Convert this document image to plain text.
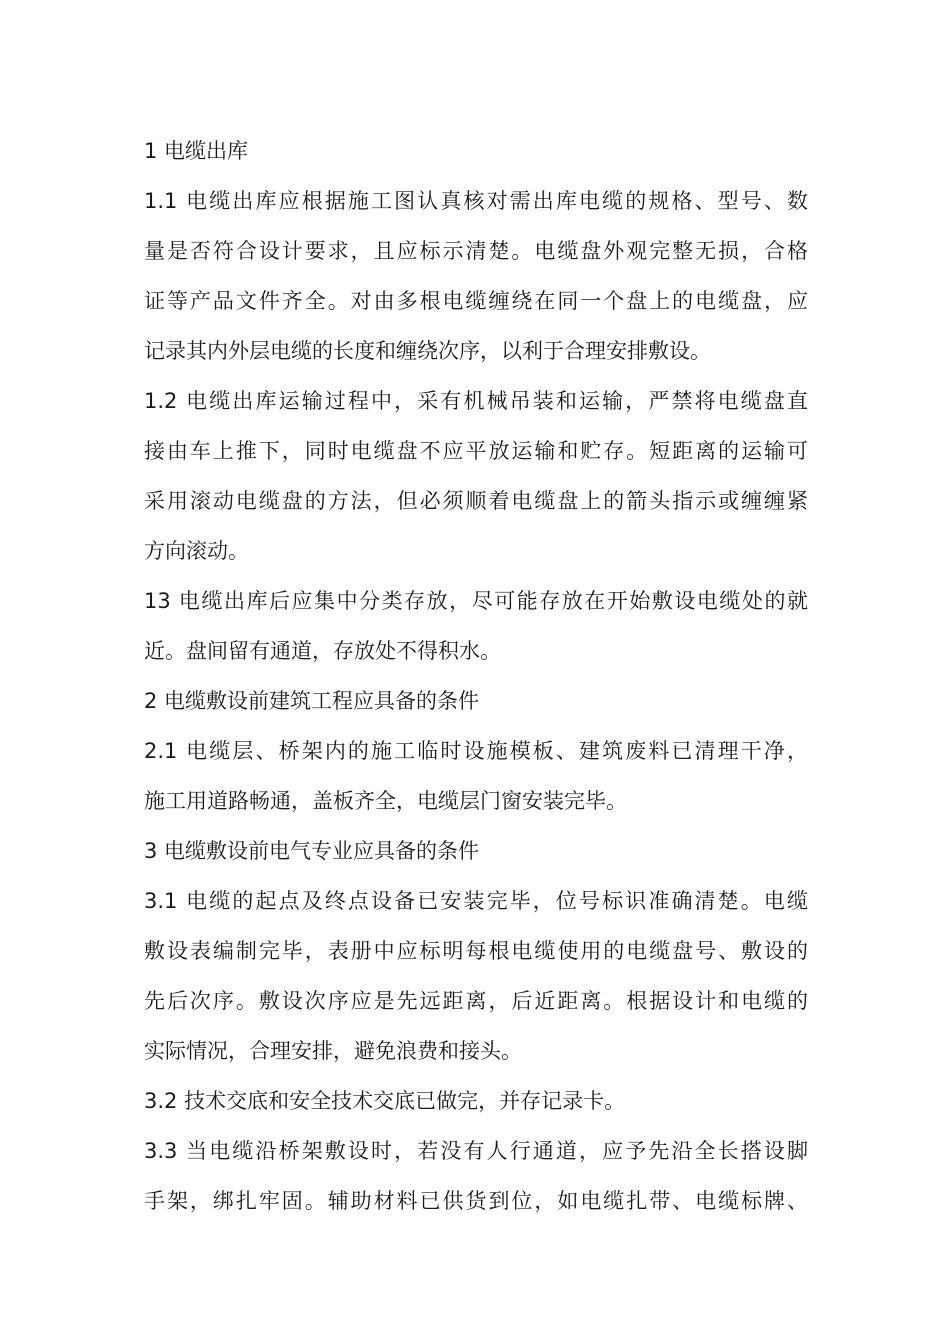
1 电缆出库
1.1 电缆出库应根据施工图认真核对需出库电缆的规格、型号、数
量是否符合设计要求，且应标示清楚。电缆盘外观完整无损，合格
证等产品文件齐全。对由多根电缆缠绕在同一个盘上的电缆盘，应
记录其内外层电缆的长度和缠绕次序，以利于合理安排敷设。
1.2 电缆出库运输过程中，采有机械吊装和运输，严禁将电缆盘直
接由车上推下，同时电缆盘不应平放运输和贮存。短距离的运输可
采用滚动电缆盘的方法，但必须顺着电缆盘上的箭头指示或缠缠紧
方向滚动。
13 电缆出库后应集中分类存放，尽可能存放在开始敷设电缆处的就
近。盘间留有通道，存放处不得积水。
2 电缆敷设前建筑工程应具备的条件
2.1 电缆层、桥架内的施工临时设施模板、建筑废料已清理干净，
施工用道路畅通，盖板齐全，电缆层门窗安装完毕。
3 电缆敷设前电气专业应具备的条件
3.1 电缆的起点及终点设备已安装完毕，位号标识准确清楚。电缆
敷设表编制完毕，表册中应标明每根电缆使用的电缆盘号、敷设的
先后次序。敷设次序应是先远距离，后近距离。根据设计和电缆的
实际情况，合理安排，避免浪费和接头。
3.2 技术交底和安全技术交底已做完，并存记录卡。
3.3 当电缆沿桥架敷设时，若没有人行通道，应予先沿全长搭设脚
手架，绑扎牢固。辅助材料已供货到位，如电缆扎带、电缆标牌、
